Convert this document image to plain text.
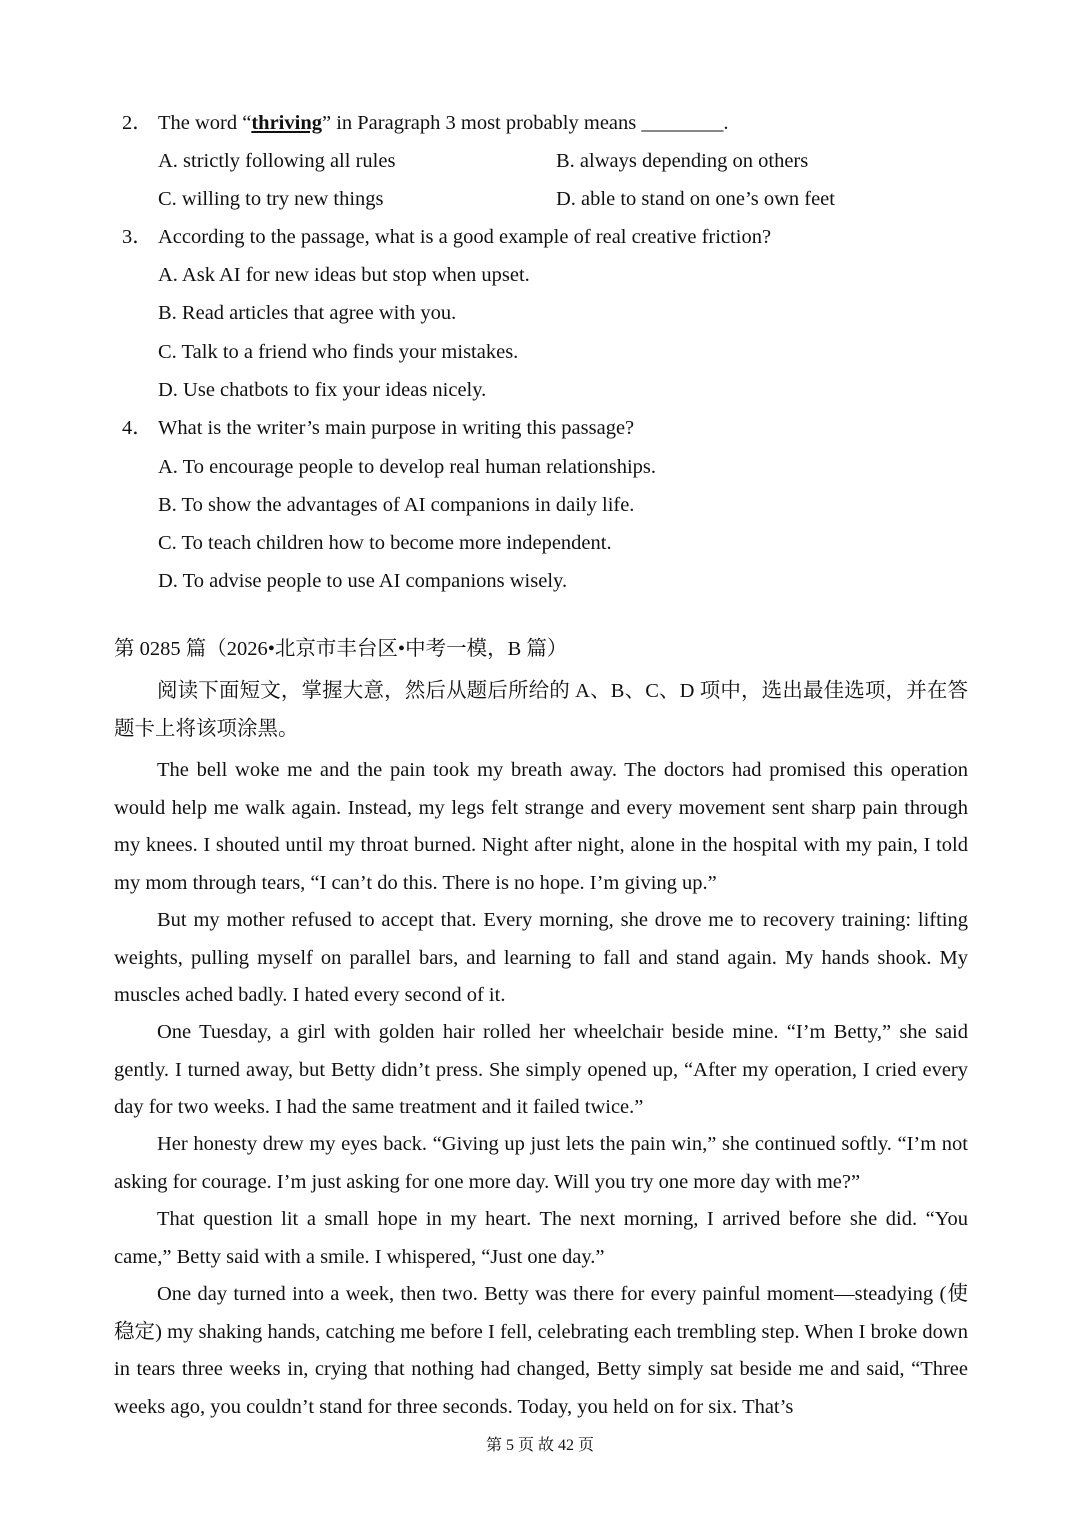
2． The word “thriving” in Paragraph 3 most probably means ________.
A. strictly following all rules	B. always depending on others
C. willing to try new things	D. able to stand on one’s own feet
3． According to the passage, what is a good example of real creative friction?
A. Ask AI for new ideas but stop when upset.
B. Read articles that agree with you.
C. Talk to a friend who finds your mistakes.
D. Use chatbots to fix your ideas nicely.
4． What is the writer’s main purpose in writing this passage?
A. To encourage people to develop real human relationships.
B. To show the advantages of AI companions in daily life.
C. To teach children how to become more independent.
D. To advise people to use AI companions wisely.
第 0285 篇（2026•北京市丰台区•中考一模，B 篇）
阅读下面短文，掌握大意，然后从题后所给的 A、B、C、D 项中，选出最佳选项，并在答题卡上将该项涂黑。
The bell woke me and the pain took my breath away. The doctors had promised this operation would help me walk again. Instead, my legs felt strange and every movement sent sharp pain through my knees. I shouted until my throat burned. Night after night, alone in the hospital with my pain, I told my mom through tears, “I can’t do this. There is no hope. I’m giving up.”
But my mother refused to accept that. Every morning, she drove me to recovery training: lifting weights, pulling myself on parallel bars, and learning to fall and stand again. My hands shook. My muscles ached badly. I hated every second of it.
One Tuesday, a girl with golden hair rolled her wheelchair beside mine. “I’m Betty,” she said gently. I turned away, but Betty didn’t press. She simply opened up, “After my operation, I cried every day for two weeks. I had the same treatment and it failed twice.”
Her honesty drew my eyes back. “Giving up just lets the pain win,” she continued softly. “I’m not asking for courage. I’m just asking for one more day. Will you try one more day with me?”
That question lit a small hope in my heart. The next morning, I arrived before she did. “You came,” Betty said with a smile. I whispered, “Just one day.”
One day turned into a week, then two. Betty was there for every painful moment—steadying (使稳定) my shaking hands, catching me before I fell, celebrating each trembling step. When I broke down in tears three weeks in, crying that nothing had changed, Betty simply sat beside me and said, “Three weeks ago, you couldn’t stand for three seconds. Today, you held on for six. That’s
第 5 页 故 42 页
